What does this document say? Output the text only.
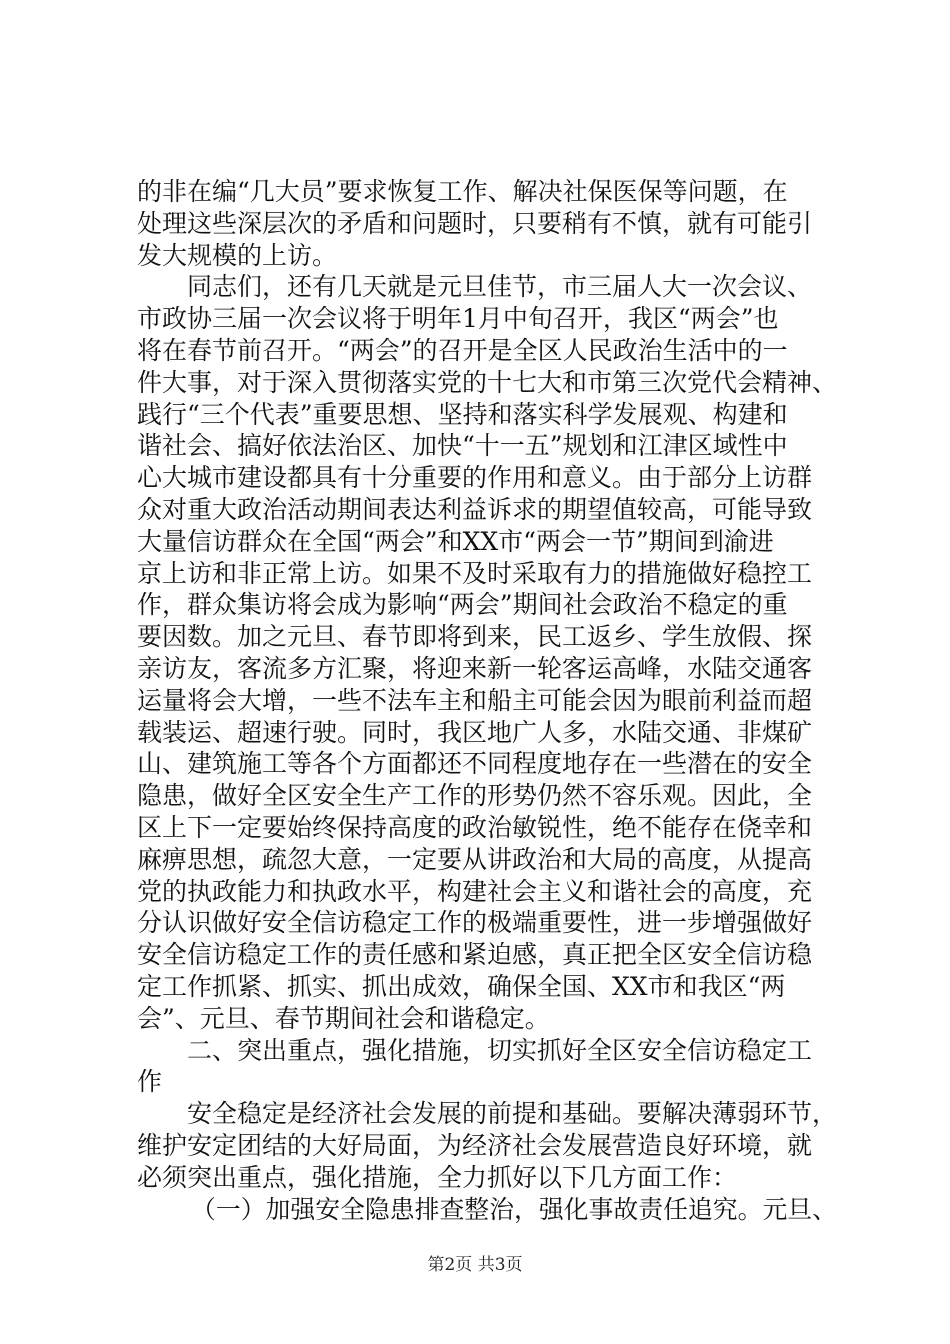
的非在编“几大员”要求恢复工作、解决社保医保等问题，在
处理这些深层次的矛盾和问题时，只要稍有不慎，就有可能引
发大规模的上访。
同志们，还有几天就是元旦佳节，市三届人大一次会议、
市政协三届一次会议将于明年1月中旬召开，我区“两会”也
将在春节前召开。“两会”的召开是全区人民政治生活中的一
件大事，对于深入贯彻落实党的十七大和市第三次党代会精神、
践行“三个代表”重要思想、坚持和落实科学发展观、构建和
谐社会、搞好依法治区、加快“十一五”规划和江津区域性中
心大城市建设都具有十分重要的作用和意义。由于部分上访群
众对重大政治活动期间表达利益诉求的期望值较高，可能导致
大量信访群众在全国“两会”和XX市“两会一节”期间到渝进
京上访和非正常上访。如果不及时采取有力的措施做好稳控工
作，群众集访将会成为影响“两会”期间社会政治不稳定的重
要因数。加之元旦、春节即将到来，民工返乡、学生放假、探
亲访友，客流多方汇聚，将迎来新一轮客运高峰，水陆交通客
运量将会大增，一些不法车主和船主可能会因为眼前利益而超
载装运、超速行驶。同时，我区地广人多，水陆交通、非煤矿
山、建筑施工等各个方面都还不同程度地存在一些潜在的安全
隐患，做好全区安全生产工作的形势仍然不容乐观。因此，全
区上下一定要始终保持高度的政治敏锐性，绝不能存在侥幸和
麻痹思想，疏忽大意，一定要从讲政治和大局的高度，从提高
党的执政能力和执政水平，构建社会主义和谐社会的高度，充
分认识做好安全信访稳定工作的极端重要性，进一步增强做好
安全信访稳定工作的责任感和紧迫感，真正把全区安全信访稳
定工作抓紧、抓实、抓出成效，确保全国、XX市和我区“两
会”、元旦、春节期间社会和谐稳定。
二、突出重点，强化措施，切实抓好全区安全信访稳定工
作
安全稳定是经济社会发展的前提和基础。要解决薄弱环节，
维护安定团结的大好局面，为经济社会发展营造良好环境，就
必须突出重点，强化措施，全力抓好以下几方面工作：
（一）加强安全隐患排查整治，强化事故责任追究。元旦、
第2页 共3页
